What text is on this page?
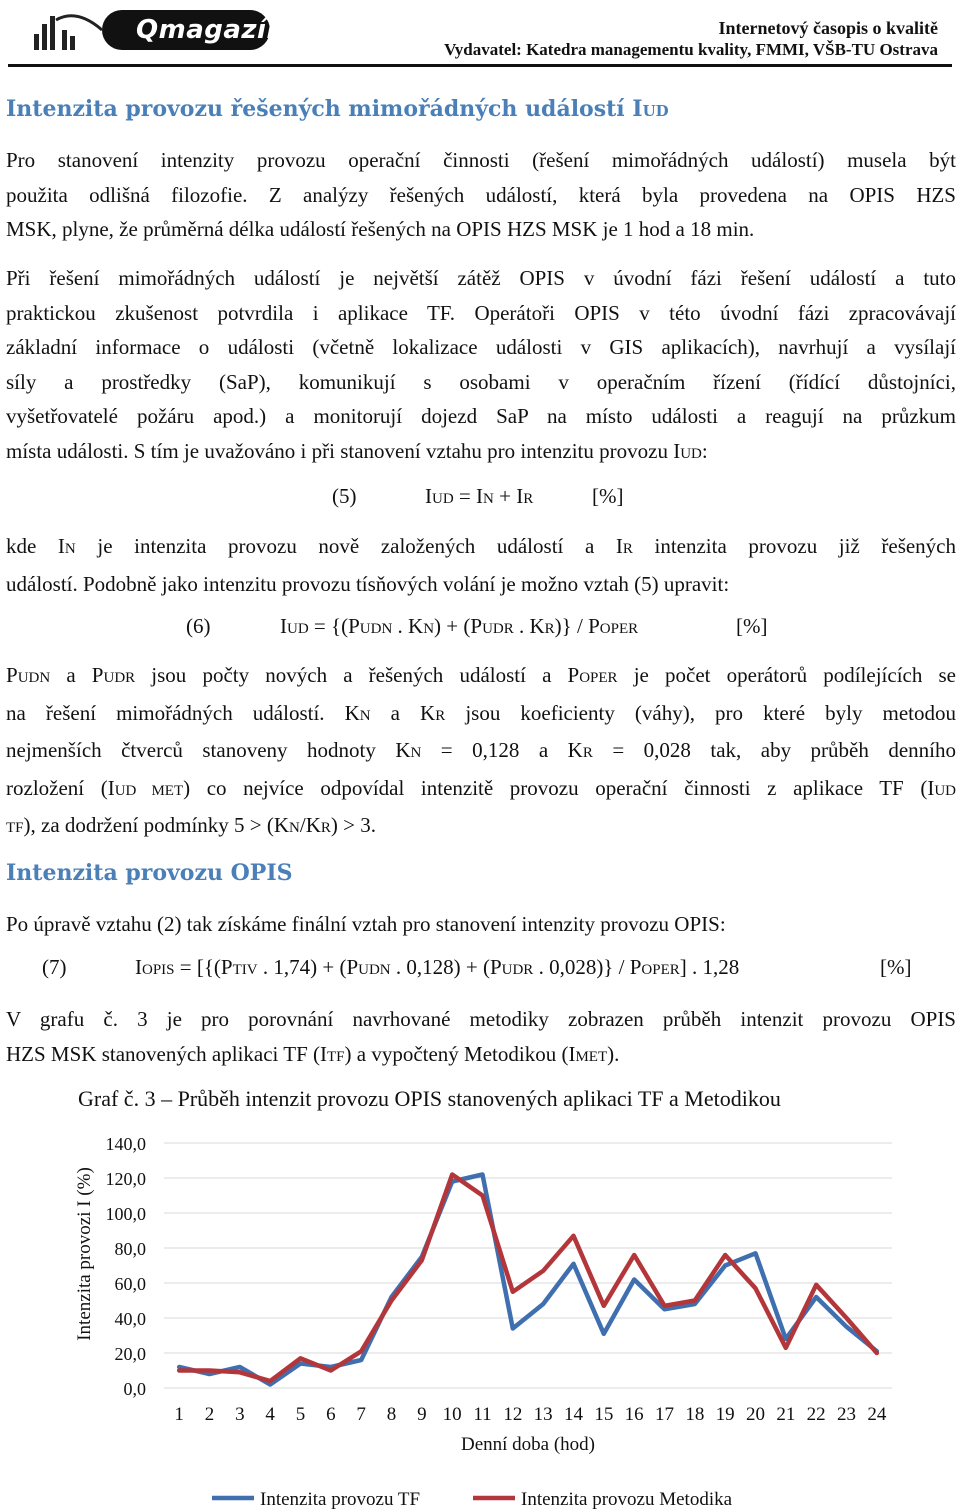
Qmagazín	Internetový časopis o kvalitě
Vydavatel: Katedra managementu kvality, FMMI, VŠB-TU Ostrava
Intenzita provozu řešených mimořádných událostí IUD
Pro stanovení intenzity provozu operační činnosti (řešení mimořádných událostí) musela být
použita odlišná filozofie. Z analýzy řešených událostí, která byla provedena na OPIS HZS
MSK, plyne, že průměrná délka událostí řešených na OPIS HZS MSK je 1 hod a 18 min.
Při řešení mimořádných událostí je největší zátěž OPIS v úvodní fázi řešení událostí a tuto
praktickou zkušenost potvrdila i aplikace TF. Operátoři OPIS v této úvodní fázi zpracovávají
základní informace o události (včetně lokalizace události v GIS aplikacích), navrhují a vysílají
síly a prostředky (SaP), komunikují s osobami v operačním řízení (řídící důstojníci,
vyšetřovatelé požáru apod.) a monitorují dojezd SaP na místo události a reagují na průzkum
místa události. S tím je uvažováno i při stanovení vztahu pro intenzitu provozu IUD:
(5)	IUD = IN + IR	[%]
kde IN je intenzita provozu nově založených událostí a IR intenzita provozu již řešených
událostí. Podobně jako intenzitu provozu tísňových volání je možno vztah (5) upravit:
(6)	IUD = {(PUDN . KN) + (PUDR . KR)} / POPER	[%]
PUDN a PUDR jsou počty nových a řešených událostí a POPER je počet operátorů podílejících se
na řešení mimořádných událostí. KN a KR jsou koeficienty (váhy), pro které byly metodou
nejmenších čtverců stanoveny hodnoty KN = 0,128 a KR = 0,028 tak, aby průběh denního
rozložení (IUD MET) co nejvíce odpovídal intenzitě provozu operační činnosti z aplikace TF (IUD
TF), za dodržení podmínky 5 > (KN/KR) > 3.
Intenzita provozu OPIS
Po úpravě vztahu (2) tak získáme finální vztah pro stanovení intenzity provozu OPIS:
(7)	IOPIS = [{(PTIV . 1,74) + (PUDN . 0,128) + (PUDR . 0,028)} / POPER] . 1,28	[%]
V grafu č. 3 je pro porovnání navrhované metodiky zobrazen průběh intenzit provozu OPIS
HZS MSK stanovených aplikaci TF (ITF) a vypočtený Metodikou (IMET).
Graf č. 3 – Průběh intenzit provozu OPIS stanovených aplikaci TF a Metodikou
0,0
20,0
40,0
60,0
80,0
100,0
120,0
140,0
1 2 3 4 5 6 7 8 9 10 11 12 13 14 15 16 17 18 19 20 21 22 23 24
Intenzita provozi I (%)
Denní doba (hod)
Intenzita provozu TF	Intenzita provozu Metodika
